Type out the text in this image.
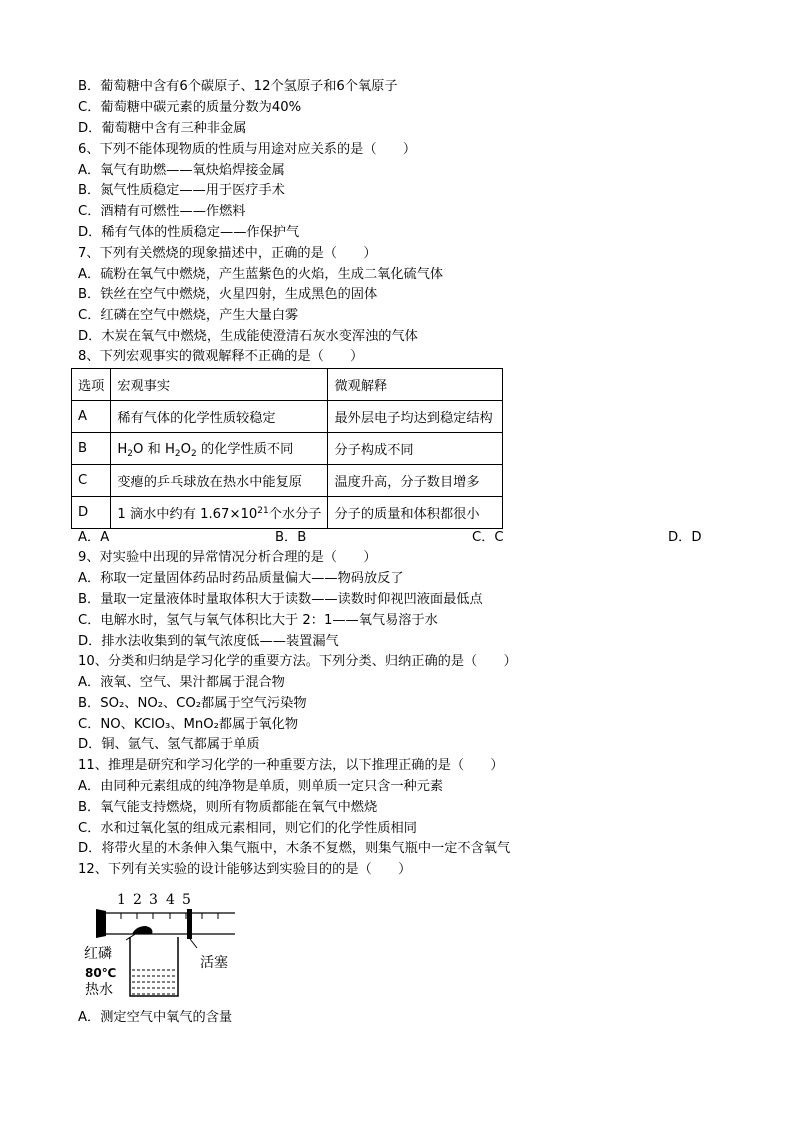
B．葡萄糖中含有6个碳原子、12个氢原子和6个氧原子
C．葡萄糖中碳元素的质量分数为40%
D．葡萄糖中含有三种非金属
6、下列不能体现物质的性质与用途对应关系的是（　　）
A．氧气有助燃——氧炔焰焊接金属
B．氮气性质稳定——用于医疗手术
C．酒精有可燃性——作燃料
D．稀有气体的性质稳定——作保护气
7、下列有关燃烧的现象描述中，正确的是（　　）
A．硫粉在氧气中燃烧，产生蓝紫色的火焰，生成二氧化硫气体
B．铁丝在空气中燃烧，火星四射，生成黑色的固体
C．红磷在空气中燃烧，产生大量白雾
D．木炭在氧气中燃烧，生成能使澄清石灰水变浑浊的气体
8、下列宏观事实的微观解释不正确的是（　　）
选项	宏观事实	微观解释
A	稀有气体的化学性质较稳定	最外层电子均达到稳定结构
B	$H_2O$ 和 $H_2O_2$ 的化学性质不同	分子构成不同
C	变瘪的乒乓球放在热水中能复原	温度升高，分子数目增多
D	1 滴水中约有 $1.67\times 10^{21}$个水分子	分子的质量和体积都很小
A．A	B．B	C．C	D．D
9、对实验中出现的异常情况分析合理的是（　　）
A．称取一定量固体药品时药品质量偏大——物码放反了
B．量取一定量液体时量取体积大于读数——读数时仰视凹液面最低点
C．电解水时，氢气与氧气体积比大于 2：1——氧气易溶于水
D．排水法收集到的氧气浓度低——装置漏气
10、分类和归纳是学习化学的重要方法。下列分类、归纳正确的是（　　）
A．液氧、空气、果汁都属于混合物
B．SO₂、NO₂、CO₂都属于空气污染物
C．NO、KClO₃、MnO₂都属于氧化物
D．铜、氩气、氢气都属于单质
11、推理是研究和学习化学的一种重要方法，以下推理正确的是（　　）
A．由同种元素组成的纯净物是单质，则单质一定只含一种元素
B．氧气能支持燃烧，则所有物质都能在氧气中燃烧
C．水和过氧化氢的组成元素相同，则它们的化学性质相同
D．将带火星的木条伸入集气瓶中，木条不复燃，则集气瓶中一定不含氧气
12、下列有关实验的设计能够达到实验目的的是（　　）
1 2 3 4 5
红磷
活塞
80℃
热水
A．测定空气中氧气的含量
